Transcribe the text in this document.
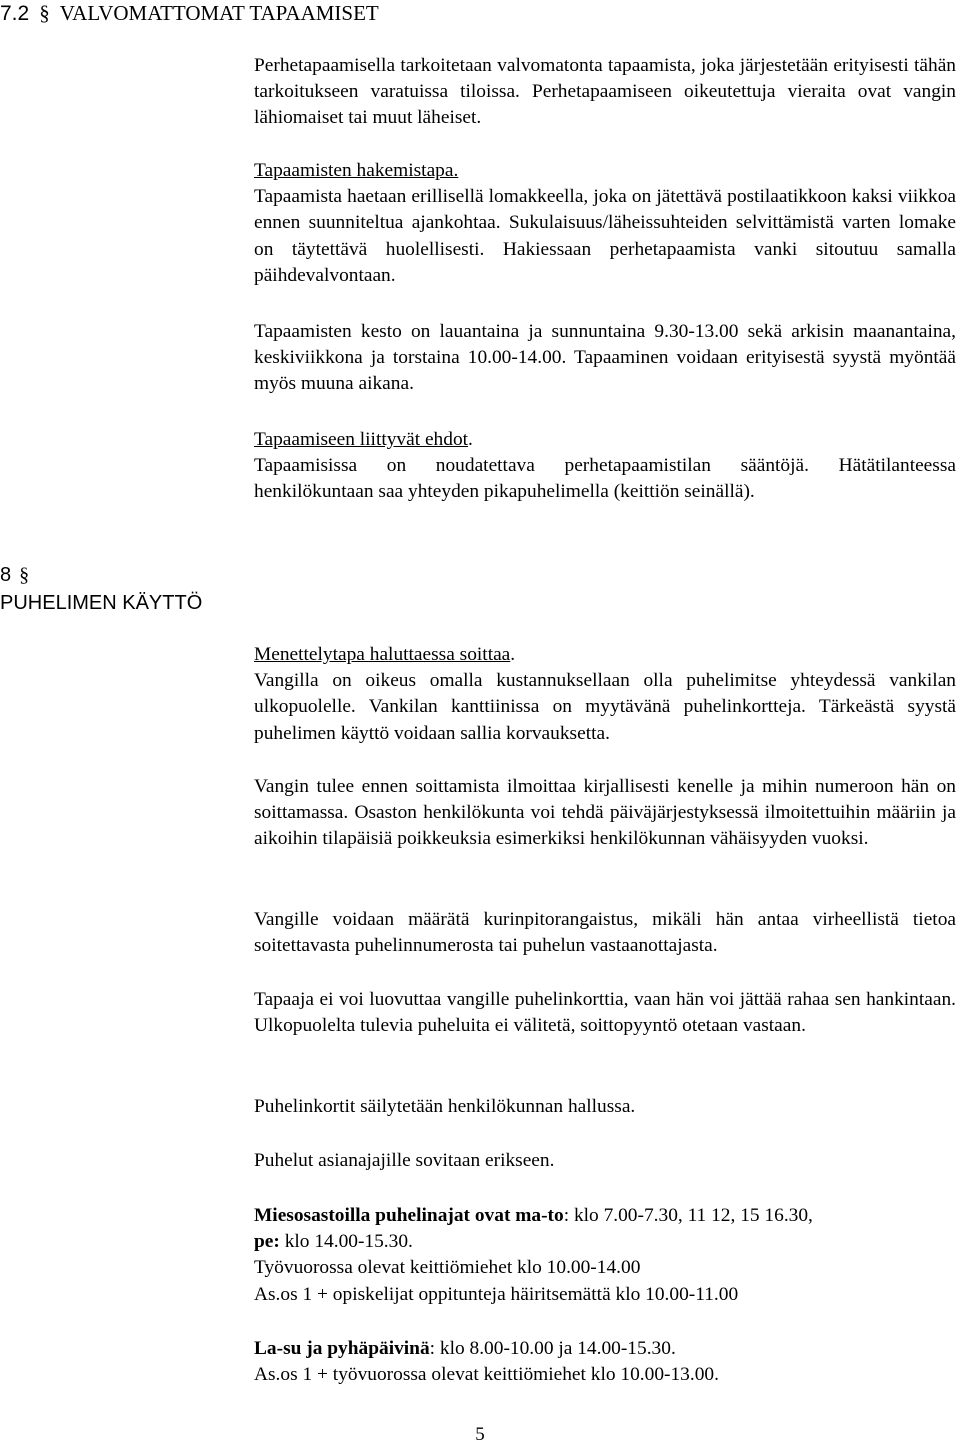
7.2 § VALVOMATTOMAT TAPAAMISET
8 §
PUHELIMEN KÄYTTÖ

Perhetapaamisella tarkoitetaan valvomatonta tapaamista, joka järjestetään erityisesti tähän tarkoitukseen varatuissa tiloissa. Perhetapaamiseen oikeutettuja vieraita ovat vangin lähiomaiset tai muut läheiset.

Tapaamisten hakemistapa.

Tapaamista haetaan erillisellä lomakkeella, joka on jätettävä postilaatikkoon kaksi viikkoa ennen suunniteltua ajankohtaa. Sukulaisuus/läheissuhteiden selvittämistä varten lomake on täytettävä huolellisesti. Hakiessaan perhetapaamista vanki sitoutuu samalla päihdevalvontaan.

Tapaamisten kesto on lauantaina ja sunnuntaina 9.30-13.00 sekä arkisin maanantaina, keskiviikkona ja torstaina 10.00-14.00. Tapaaminen voidaan erityisestä syystä myöntää myös muuna aikana.

Tapaamiseen liittyvät ehdot.

Tapaamisissa on noudatettava perhetapaamistilan sääntöjä. Hätätilanteessa henkilökuntaan saa yhteyden pikapuhelimella (keittiön seinällä).

Menettelytapa haluttaessa soittaa.

Vangilla on oikeus omalla kustannuksellaan olla puhelimitse yhteydessä vankilan ulkopuolelle. Vankilan kanttiinissa on myytävänä puhelinkortteja. Tärkeästä syystä puhelimen käyttö voidaan sallia korvauksetta.

Vangin tulee ennen soittamista ilmoittaa kirjallisesti kenelle ja mihin numeroon hän on soittamassa. Osaston henkilökunta voi tehdä päiväjärjestyksessä ilmoitettuihin määriin ja aikoihin tilapäisiä poikkeuksia esimerkiksi henkilökunnan vähäisyyden vuoksi.

Vangille voidaan määrätä kurinpitorangaistus, mikäli hän antaa virheellistä tietoa soitettavasta puhelinnumerosta tai puhelun vastaanottajasta.

Tapaaja ei voi luovuttaa vangille puhelinkorttia, vaan hän voi jättää rahaa sen hankintaan. Ulkopuolelta tulevia puheluita ei välitetä, soittopyyntö otetaan vastaan.

Puhelinkortit säilytetään henkilökunnan hallussa.

Puhelut asianajajille sovitaan erikseen.

Miesosastoilla puhelinajat ovat ma-to: klo 7.00-7.30, 11 12, 15 16.30,

pe: klo 14.00-15.30.

Työvuorossa olevat keittiömiehet klo 10.00-14.00

As.os 1 + opiskelijat oppitunteja häiritsemättä klo 10.00-11.00

La-su ja pyhäpäivinä: klo 8.00-10.00 ja 14.00-15.30.

As.os 1 + työvuorossa olevat keittiömiehet klo 10.00-13.00.

5
